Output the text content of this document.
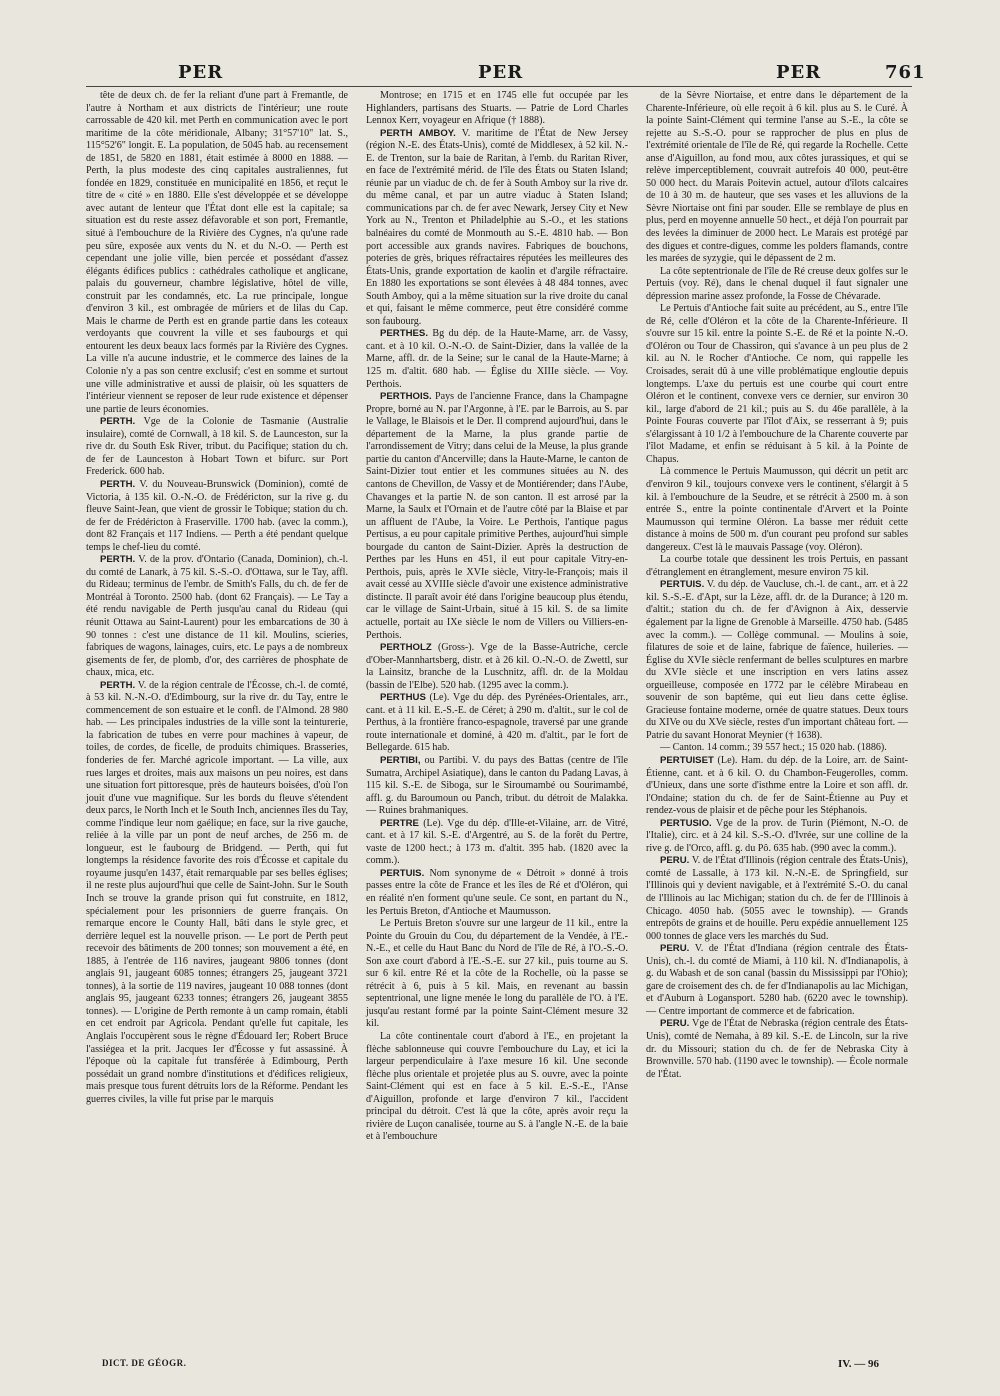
PER	PER	PER	761

tête de deux ch. de fer la reliant d'une part à Fremantle, de l'autre à Northam et aux districts de l'intérieur; une route carrossable de 420 kil. met Perth en communication avec le port maritime de la côte méridionale, Albany; 31°57'10" lat. S., 115°52'6" longit. E. La population, de 5045 hab. au recensement de 1851, de 5820 en 1881, était estimée à 8000 en 1888. — Perth, la plus modeste des cinq capitales australiennes, fut fondée en 1829, constituée en municipalité en 1856, et reçut le titre de « cité » en 1880. Elle s'est développée et se développe avec autant de lenteur que l'État dont elle est la capitale; sa situation est du reste assez défavorable et son port, Fremantle, situé à l'embouchure de la Rivière des Cygnes, n'a qu'une rade peu sûre, exposée aux vents du N. et du N.-O. — Perth est cependant une jolie ville, bien percée et possédant d'assez élégants édifices publics : cathédrales catholique et anglicane, palais du gouverneur, chambre législative, hôtel de ville, construit par les condamnés, etc. La rue principale, longue d'environ 3 kil., est ombragée de mûriers et de lilas du Cap. Mais le charme de Perth est en grande partie dans les coteaux verdoyants que couvrent la ville et ses faubourgs et qui entourent les deux beaux lacs formés par la Rivière des Cygnes. La ville n'a aucune industrie, et le commerce des laines de la Colonie n'y a pas son centre exclusif; c'est en somme et surtout une ville administrative et aussi de plaisir, où les squatters de l'intérieur viennent se reposer de leur rude existence et dépenser une partie de leurs économies.

PERTH. Vge de la Colonie de Tasmanie (Australie insulaire), comté de Cornwall, à 18 kil. S. de Launceston, sur la rive dr. du South Esk River, tribut. du Pacifique; station du ch. de fer de Launceston à Hobart Town et bifurc. sur Port Frederick. 600 hab.

PERTH. V. du Nouveau-Brunswick (Dominion), comté de Victoria, à 135 kil. O.-N.-O. de Frédéricton, sur la rive g. du fleuve Saint-Jean, que vient de grossir le Tobique; station du ch. de fer de Frédéricton à Fraserville. 1700 hab. (avec la comm.), dont 82 Français et 117 Indiens. — Perth a été pendant quelque temps le chef-lieu du comté.

PERTH. V. de la prov. d'Ontario (Canada, Dominion), ch.-l. du comté de Lanark, à 75 kil. S.-S.-O. d'Ottawa, sur le Tay, affl. du Rideau; terminus de l'embr. de Smith's Falls, du ch. de fer de Montréal à Toronto. 2500 hab. (dont 62 Français). — Le Tay a été rendu navigable de Perth jusqu'au canal du Rideau (qui réunit Ottawa au Saint-Laurent) pour les embarcations de 30 à 90 tonnes : c'est une distance de 11 kil. Moulins, scieries, fabriques de wagons, lainages, cuirs, etc. Le pays a de nombreux gisements de fer, de plomb, d'or, des carrières de phosphate de chaux, mica, etc.

PERTH. V. de la région centrale de l'Écosse, ch.-l. de comté, à 53 kil. N.-N.-O. d'Edimbourg, sur la rive dr. du Tay, entre le commencement de son estuaire et le confl. de l'Almond. 28 980 hab. — Les principales industries de la ville sont la teinturerie, la fabrication de tubes en verre pour machines à vapeur, de toiles, de cordes, de ficelle, de produits chimiques. Brasseries, fonderies de fer. Marché agricole important. — La ville, aux rues larges et droites, mais aux maisons un peu noires, est dans une situation fort pittoresque, près de hauteurs boisées, d'où l'on jouit d'une vue magnifique. Sur les bords du fleuve s'étendent deux parcs, le North Inch et le South Inch, anciennes îles du Tay, comme l'indique leur nom gaélique; en face, sur la rive gauche, reliée à la ville par un pont de neuf arches, de 256 m. de longueur, est le faubourg de Bridgend. — Perth, qui fut longtemps la résidence favorite des rois d'Écosse et capitale du royaume jusqu'en 1437, était remarquable par ses belles églises; il ne reste plus aujourd'hui que celle de Saint-John. Sur le South Inch se trouve la grande prison qui fut construite, en 1812, spécialement pour les prisonniers de guerre français. On remarque encore le County Hall, bâti dans le style grec, et derrière lequel est la nouvelle prison. — Le port de Perth peut recevoir des bâtiments de 200 tonnes; son mouvement a été, en 1885, à l'entrée de 116 navires, jaugeant 9806 tonnes (dont anglais 91, jaugeant 6085 tonnes; étrangers 25, jaugeant 3721 tonnes), à la sortie de 119 navires, jaugeant 10 088 tonnes (dont anglais 95, jaugeant 6233 tonnes; étrangers 26, jaugeant 3855 tonnes). — L'origine de Perth remonte à un camp romain, établi en cet endroit par Agricola. Pendant qu'elle fut capitale, les Anglais l'occupèrent sous le règne d'Édouard Ier; Robert Bruce l'assiégea et la prit. Jacques Ier d'Écosse y fut assassiné. À l'époque où la capitale fut transférée à Edimbourg, Perth possédait un grand nombre d'institutions et d'édifices religieux, mais presque tous furent détruits lors de la Réforme. Pendant les guerres civiles, la ville fut prise par le marquis

Montrose; en 1715 et en 1745 elle fut occupée par les Highlanders, partisans des Stuarts. — Patrie de Lord Charles Lennox Kerr, voyageur en Afrique († 1888).

PERTH AMBOY. V. maritime de l'État de New Jersey (région N.-E. des États-Unis), comté de Middlesex, à 52 kil. N.-E. de Trenton, sur la baie de Raritan, à l'emb. du Raritan River, en face de l'extrémité mérid. de l'île des États ou Staten Island; réunie par un viaduc de ch. de fer à South Amboy sur la rive dr. du même canal, et par un autre viaduc à Staten Island; communications par ch. de fer avec Newark, Jersey City et New York au N., Trenton et Philadelphie au S.-O., et les stations balnéaires du comté de Monmouth au S.-E. 4810 hab. — Bon port accessible aux grands navires. Fabriques de bouchons, poteries de grès, briques réfractaires réputées les meilleures des États-Unis, grande exportation de kaolin et d'argile réfractaire. En 1880 les exportations se sont élevées à 48 484 tonnes, avec South Amboy, qui a la même situation sur la rive droite du canal et qui, faisant le même commerce, peut être considéré comme son faubourg.

PERTHES. Bg du dép. de la Haute-Marne, arr. de Vassy, cant. et à 10 kil. O.-N.-O. de Saint-Dizier, dans la vallée de la Marne, affl. dr. de la Seine; sur le canal de la Haute-Marne; à 125 m. d'altit. 680 hab. — Église du XIIIe siècle. — Voy. Perthois.

PERTHOIS. Pays de l'ancienne France, dans la Champagne Propre, borné au N. par l'Argonne, à l'E. par le Barrois, au S. par le Vallage, le Blaisois et le Der. Il comprend aujourd'hui, dans le département de la Marne, la plus grande partie de l'arrondissement de Vitry; dans celui de la Meuse, la plus grande partie du canton d'Ancerville; dans la Haute-Marne, le canton de Saint-Dizier tout entier et les communes situées au N. des cantons de Chevillon, de Vassy et de Montiérender; dans l'Aube, Chavanges et la partie N. de son canton. Il est arrosé par la Marne, la Saulx et l'Ornain et de l'autre côté par la Blaise et par un affluent de l'Aube, la Voire. Le Perthois, l'antique pagus Pertisus, a eu pour capitale primitive Perthes, aujourd'hui simple bourgade du canton de Saint-Dizier. Après la destruction de Perthes par les Huns en 451, il eut pour capitale Vitry-en-Perthois, puis, après le XVIe siècle, Vitry-le-François; mais il avait cessé au XVIIIe siècle d'avoir une existence administrative distincte. Il paraît avoir été dans l'origine beaucoup plus étendu, car le village de Saint-Urbain, situé à 15 kil. S. de sa limite actuelle, portait au IXe siècle le nom de Villers ou Villiers-en-Perthois.

PERTHOLZ (Gross-). Vge de la Basse-Autriche, cercle d'Ober-Mannhartsberg, distr. et à 26 kil. O.-N.-O. de Zwettl, sur la Lainsitz, branche de la Luschnitz, affl. dr. de la Moldau (bassin de l'Elbe). 520 hab. (1295 avec la comm.).

PERTHUS (Le). Vge du dép. des Pyrénées-Orientales, arr., cant. et à 11 kil. E.-S.-E. de Céret; à 290 m. d'altit., sur le col de Perthus, à la frontière franco-espagnole, traversé par une grande route internationale et dominé, à 420 m. d'altit., par le fort de Bellegarde. 615 hab.

PERTIBI, ou Partibi. V. du pays des Battas (centre de l'île Sumatra, Archipel Asiatique), dans le canton du Padang Lavas, à 115 kil. S.-E. de Siboga, sur le Siroumambé ou Sourimambé, affl. g. du Baroumoun ou Panch, tribut. du détroit de Malakka. — Ruines brahmaniques.

PERTRE (Le). Vge du dép. d'Ille-et-Vilaine, arr. de Vitré, cant. et à 17 kil. S.-E. d'Argentré, au S. de la forêt du Pertre, vaste de 1200 hect.; à 173 m. d'altit. 395 hab. (1820 avec la comm.).

PERTUIS. Nom synonyme de « Détroit » donné à trois passes entre la côte de France et les îles de Ré et d'Oléron, qui en réalité n'en forment qu'une seule. Ce sont, en partant du N., les Pertuis Breton, d'Antioche et Maumusson.

Le Pertuis Breton s'ouvre sur une largeur de 11 kil., entre la Pointe du Grouin du Cou, du département de la Vendée, à l'E.-N.-E., et celle du Haut Banc du Nord de l'île de Ré, à l'O.-S.-O. Son axe court d'abord à l'E.-S.-E. sur 27 kil., puis tourne au S. sur 6 kil. entre Ré et la côte de la Rochelle, où la passe se rétrécit à 6, puis à 5 kil. Mais, en revenant au bassin septentrional, une ligne menée le long du parallèle de l'O. à l'E. jusqu'au restant formé par la pointe Saint-Clément mesure 32 kil.

La côte continentale court d'abord à l'E., en projetant la flèche sablonneuse qui couvre l'embouchure du Lay, et ici la largeur perpendiculaire à l'axe mesure 16 kil. Une seconde flèche plus orientale et projetée plus au S. ouvre, avec la pointe Saint-Clément qui est en face à 5 kil. E.-S.-E., l'Anse d'Aiguillon, profonde et large d'environ 7 kil., l'accident principal du détroit. C'est là que la côte, après avoir reçu la rivière de Luçon canalisée, tourne au S. à l'angle N.-E. de la baie et à l'embouchure

de la Sèvre Niortaise, et entre dans le département de la Charente-Inférieure, où elle reçoit à 6 kil. plus au S. le Curé. À la pointe Saint-Clément qui termine l'anse au S.-E., la côte se rejette au S.-S.-O. pour se rapprocher de plus en plus de l'extrémité orientale de l'île de Ré, qui regarde la Rochelle. Cette anse d'Aiguillon, au fond mou, aux côtes jurassiques, et qui se relève imperceptiblement, couvrait autrefois 40 000, peut-être 50 000 hect. du Marais Poitevin actuel, autour d'îlots calcaires de 10 à 30 m. de hauteur, que ses vases et les alluvions de la Sèvre Niortaise ont fini par souder. Elle se remblaye de plus en plus, perd en moyenne annuelle 50 hect., et déjà l'on pourrait par des levées la diminuer de 2000 hect. Le Marais est protégé par des digues et contre-digues, comme les polders flamands, contre les marées de syzygie, qui le dépassent de 2 m.

La côte septentrionale de l'île de Ré creuse deux golfes sur le Pertuis (voy. Ré), dans le chenal duquel il faut signaler une dépression marine assez profonde, la Fosse de Chévarade.

Le Pertuis d'Antioche fait suite au précédent, au S., entre l'île de Ré, celle d'Oléron et la côte de la Charente-Inférieure. Il s'ouvre sur 15 kil. entre la pointe S.-E. de Ré et la pointe N.-O. d'Oléron ou Tour de Chassiron, qui s'avance à un peu plus de 2 kil. au N. le Rocher d'Antioche. Ce nom, qui rappelle les Croisades, serait dû à une ville problématique engloutie depuis longtemps. L'axe du pertuis est une courbe qui court entre Oléron et le continent, convexe vers ce dernier, sur environ 30 kil., large d'abord de 21 kil.; puis au S. du 46e parallèle, à la Pointe Fouras couverte par l'îlot d'Aix, se resserrant à 9; puis s'élargissant à 10 1/2 à l'embouchure de la Charente couverte par l'îlot Madame, et enfin se réduisant à 5 kil. à la Pointe de Chapus.

Là commence le Pertuis Maumusson, qui décrit un petit arc d'environ 9 kil., toujours convexe vers le continent, s'élargit à 5 kil. à l'embouchure de la Seudre, et se rétrécit à 2500 m. à son entrée S., entre la pointe continentale d'Arvert et la Pointe Maumusson qui termine Oléron. La basse mer réduit cette distance à moins de 500 m. d'un courant peu profond sur sables dangereux. C'est là le mauvais Passage (voy. Oléron).

La courbe totale que dessinent les trois Pertuis, en passant d'étranglement en étranglement, mesure environ 75 kil.

PERTUIS. V. du dép. de Vaucluse, ch.-l. de cant., arr. et à 22 kil. S.-S.-E. d'Apt, sur la Lèze, affl. dr. de la Durance; à 120 m. d'altit.; station du ch. de fer d'Avignon à Aix, desservie également par la ligne de Grenoble à Marseille. 4750 hab. (5485 avec la comm.). — Collège communal. — Moulins à soie, filatures de soie et de laine, fabrique de faïence, huileries. — Église du XVIe siècle renfermant de belles sculptures en marbre du XVIe siècle et une inscription en vers latins assez orgueilleuse, composée en 1772 par le célèbre Mirabeau en souvenir de son baptême, qui eut lieu dans cette église. Gracieuse fontaine moderne, ornée de quatre statues. Deux tours du XIVe ou du XVe siècle, restes d'un important château fort. — Patrie du savant Honorat Meynier († 1638).

— Canton. 14 comm.; 39 557 hect.; 15 020 hab. (1886).

PERTUISET (Le). Ham. du dép. de la Loire, arr. de Saint-Étienne, cant. et à 6 kil. O. du Chambon-Feugerolles, comm. d'Unieux, dans une sorte d'isthme entre la Loire et son affl. dr. l'Ondaine; station du ch. de fer de Saint-Étienne au Puy et rendez-vous de plaisir et de pêche pour les Stéphanois.

PERTUSIO. Vge de la prov. de Turin (Piémont, N.-O. de l'Italie), circ. et à 24 kil. S.-S.-O. d'Ivrée, sur une colline de la rive g. de l'Orco, affl. g. du Pô. 635 hab. (990 avec la comm.).

PERU. V. de l'État d'Illinois (région centrale des États-Unis), comté de Lassalle, à 173 kil. N.-N.-E. de Springfield, sur l'Illinois qui y devient navigable, et à l'extrémité S.-O. du canal de l'Illinois au lac Michigan; station du ch. de fer de l'Illinois à Chicago. 4050 hab. (5055 avec le township). — Grands entrepôts de grains et de houille. Peru expédie annuellement 125 000 tonnes de glace vers les marchés du Sud.

PERU. V. de l'État d'Indiana (région centrale des États-Unis), ch.-l. du comté de Miami, à 110 kil. N. d'Indianapolis, à g. du Wabash et de son canal (bassin du Mississippi par l'Ohio); gare de croisement des ch. de fer d'Indianapolis au lac Michigan, et d'Auburn à Logansport. 5280 hab. (6220 avec le township). — Centre important de commerce et de fabrication.

PERU. Vge de l'État de Nebraska (région centrale des États-Unis), comté de Nemaha, à 89 kil. S.-E. de Lincoln, sur la rive dr. du Missouri; station du ch. de fer de Nebraska City à Brownville. 570 hab. (1190 avec le township). — École normale de l'État.

DICT. DE GÉOGR.	IV. — 96
